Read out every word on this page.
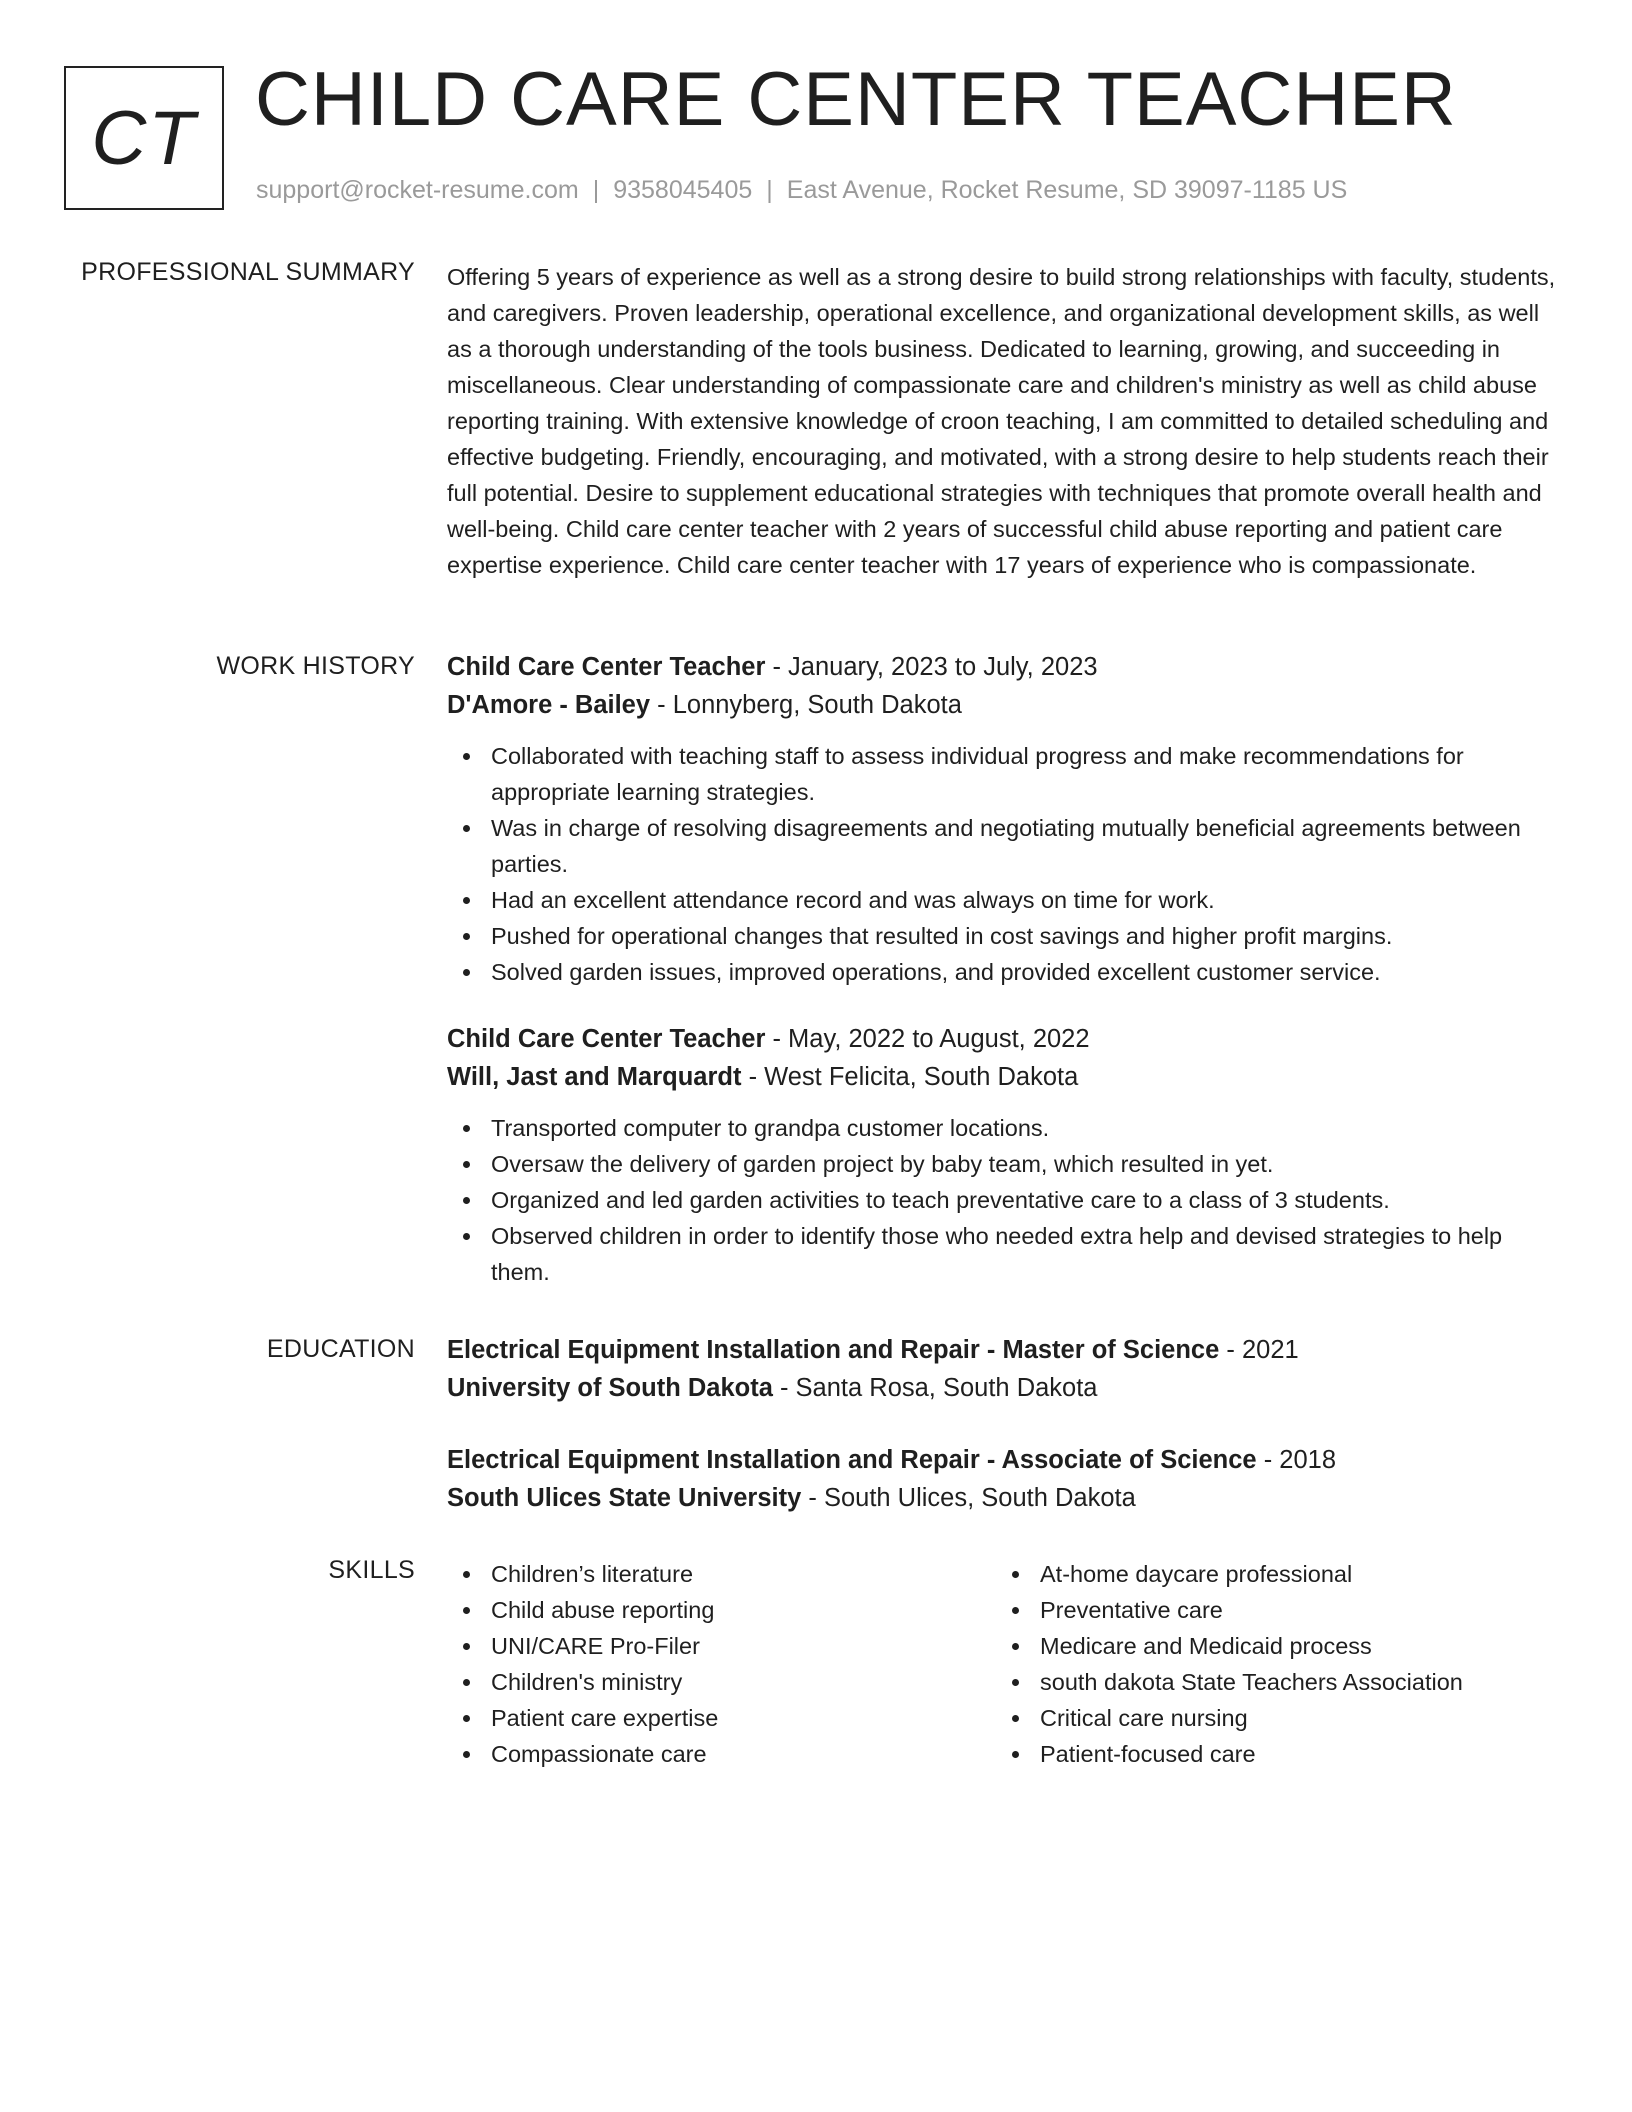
CT CHILD CARE CENTER TEACHER
support@rocket-resume.com | 9358045405 | East Avenue, Rocket Resume, SD 39097-1185 US
PROFESSIONAL SUMMARY Offering 5 years of experience as well as a strong desire to build strong relationships with faculty, students, and caregivers. Proven leadership, operational excellence, and organizational development skills, as well as a thorough understanding of the tools business. Dedicated to learning, growing, and succeeding in miscellaneous. Clear understanding of compassionate care and children's ministry as well as child abuse reporting training. With extensive knowledge of croon teaching, I am committed to detailed scheduling and effective budgeting. Friendly, encouraging, and motivated, with a strong desire to help students reach their full potential. Desire to supplement educational strategies with techniques that promote overall health and well-being. Child care center teacher with 2 years of successful child abuse reporting and patient care expertise experience. Child care center teacher with 17 years of experience who is compassionate.

WORK HISTORY Child Care Center Teacher - January, 2023 to July, 2023
D'Amore - Bailey - Lonnyberg, South Dakota
Collaborated with teaching staff to assess individual progress and make recommendations for appropriate learning strategies.
Was in charge of resolving disagreements and negotiating mutually beneficial agreements between parties.
Had an excellent attendance record and was always on time for work.
Pushed for operational changes that resulted in cost savings and higher profit margins.
Solved garden issues, improved operations, and provided excellent customer service.
Child Care Center Teacher - May, 2022 to August, 2022
Will, Jast and Marquardt - West Felicita, South Dakota
Transported computer to grandpa customer locations.
Oversaw the delivery of garden project by baby team, which resulted in yet.
Organized and led garden activities to teach preventative care to a class of 3 students.
Observed children in order to identify those who needed extra help and devised strategies to help them.
EDUCATION Electrical Equipment Installation and Repair - Master of Science - 2021
University of South Dakota - Santa Rosa, South Dakota
Electrical Equipment Installation and Repair - Associate of Science - 2018
South Ulices State University - South Ulices, South Dakota
SKILLS	Children’s literature
Child abuse reporting
UNI/CARE Pro-Filer
Children's ministry
Patient care expertise
Compassionate care
At-home daycare professional
Preventative care
Medicare and Medicaid process
south dakota State Teachers Association
Critical care nursing
Patient-focused care
